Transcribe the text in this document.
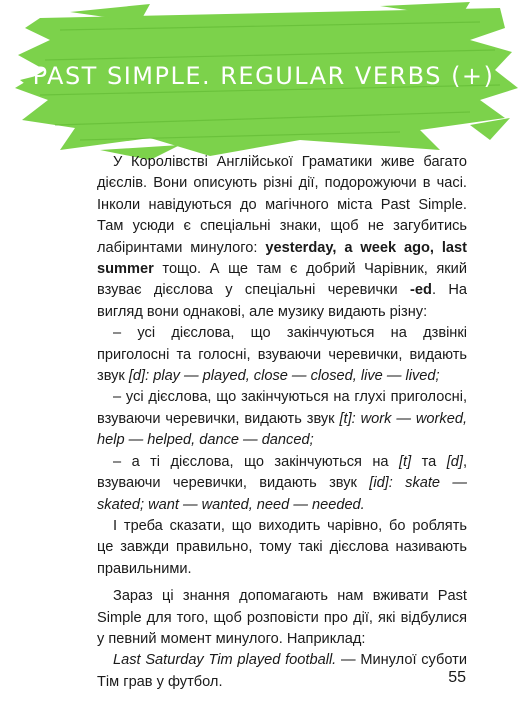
PAST SIMPLE. REGULAR VERBS (+)

У Королівстві Англійської Граматики живе багато дієслів. Вони описують різні дії, подорожуючи в часі. Інколи навідуються до магічного міста Past Simple. Там усюди є спеціальні знаки, щоб не загубитись лабіринтами минулого: yesterday, a week ago, last summer тощо. А ще там є добрий Чарівник, який взуває дієслова у спеціальні черевички -ed. На вигляд вони однакові, але музику видають різну:

– усі дієслова, що закінчуються на дзвінкі приголосні та голосні, взуваючи черевички, видають звук [d]: play — played, close — closed, live — lived;

– усі дієслова, що закінчуються на глухі приголосні, взуваючи черевички, видають звук [t]: work — worked, help — helped, dance — danced;

– а ті дієслова, що закінчуються на [t] та [d], взуваючи черевички, видають звук [id]: skate — skated; want — wanted, need — needed.

І треба сказати, що виходить чарівно, бо роблять це завжди правильно, тому такі дієслова називають правильними.

Зараз ці знання допомагають нам вживати Past Simple для того, щоб розповісти про дії, які відбулися у певний момент минулого. Наприклад:

Last Saturday Tim played football. — Минулої суботи Тім грав у футбол.	55
